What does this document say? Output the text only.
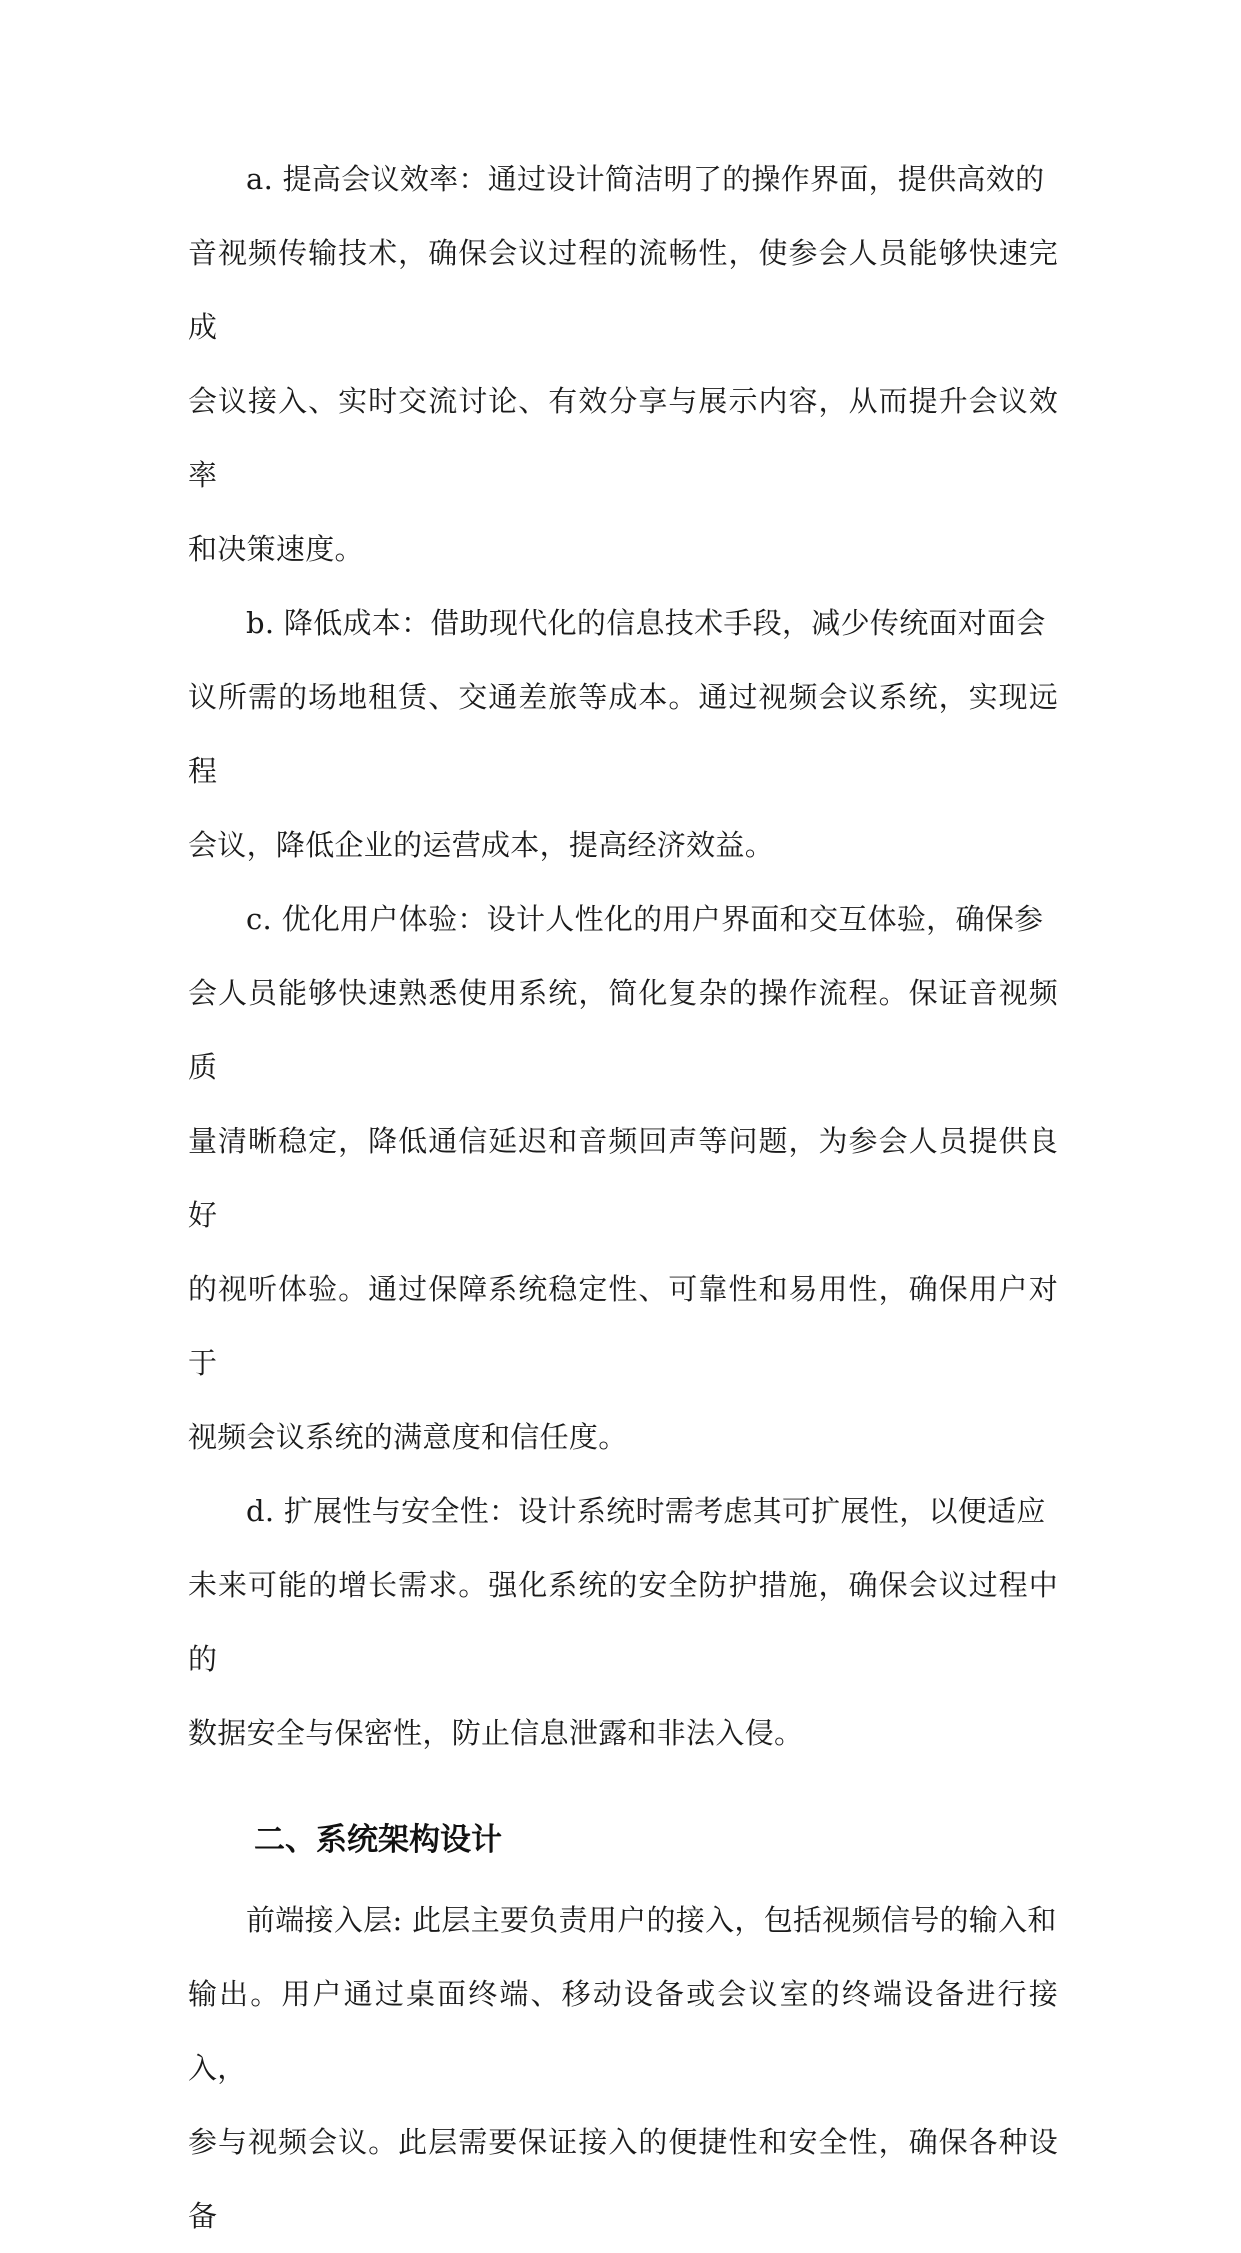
a. 提高会议效率：通过设计简洁明了的操作界面，提供高效的
音视频传输技术，确保会议过程的流畅性，使参会人员能够快速完成
会议接入、实时交流讨论、有效分享与展示内容，从而提升会议效率
和决策速度。

b. 降低成本：借助现代化的信息技术手段，减少传统面对面会
议所需的场地租赁、交通差旅等成本。通过视频会议系统，实现远程
会议，降低企业的运营成本，提高经济效益。

c. 优化用户体验：设计人性化的用户界面和交互体验，确保参
会人员能够快速熟悉使用系统，简化复杂的操作流程。保证音视频质
量清晰稳定，降低通信延迟和音频回声等问题，为参会人员提供良好
的视听体验。通过保障系统稳定性、可靠性和易用性，确保用户对于
视频会议系统的满意度和信任度。

d. 扩展性与安全性：设计系统时需考虑其可扩展性，以便适应
未来可能的增长需求。强化系统的安全防护措施，确保会议过程中的
数据安全与保密性，防止信息泄露和非法入侵。

二、系统架构设计

前端接入层: 此层主要负责用户的接入，包括视频信号的输入和
输出。用户通过桌面终端、移动设备或会议室的终端设备进行接入，
参与视频会议。此层需要保证接入的便捷性和安全性，确保各种设备
